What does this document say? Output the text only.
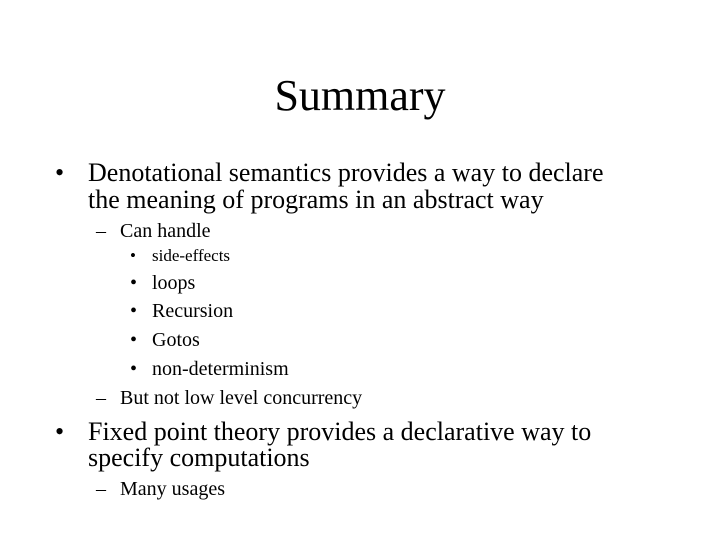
Summary
• Denotational semantics provides a way to declare
the meaning of programs in an abstract way
– Can handle
• side-effects
• loops
• Recursion
• Gotos
• non-determinism
– But not low level concurrency
• Fixed point theory provides a declarative way to
specify computations
– Many usages
